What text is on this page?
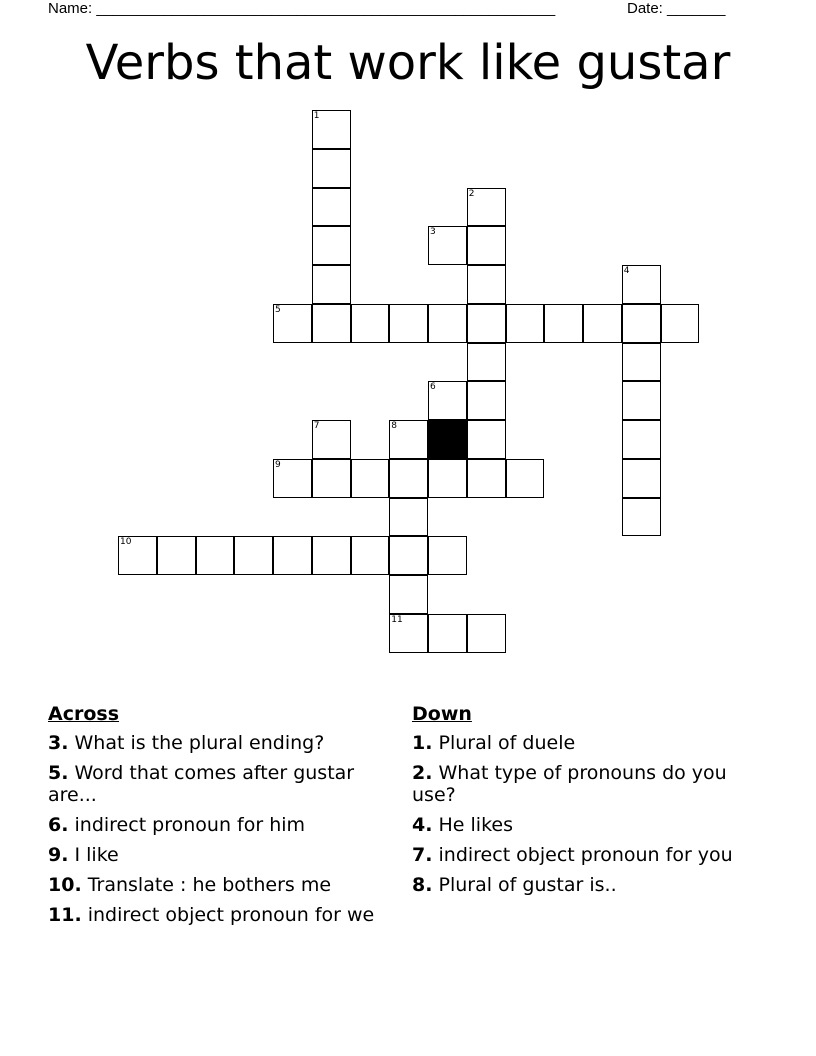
Name: _______________________________________________________	Date: _______
Verbs that work like gustar
1
2
3
4
5
6
7	8
9
10
11
Across
3. What is the plural ending?
5. Word that comes after gustar are...
6. indirect pronoun for him
9. I like
10. Translate : he bothers me
11. indirect object pronoun for we
Down
1. Plural of duele
2. What type of pronouns do you use?
4. He likes
7. indirect object pronoun for you
8. Plural of gustar is..
